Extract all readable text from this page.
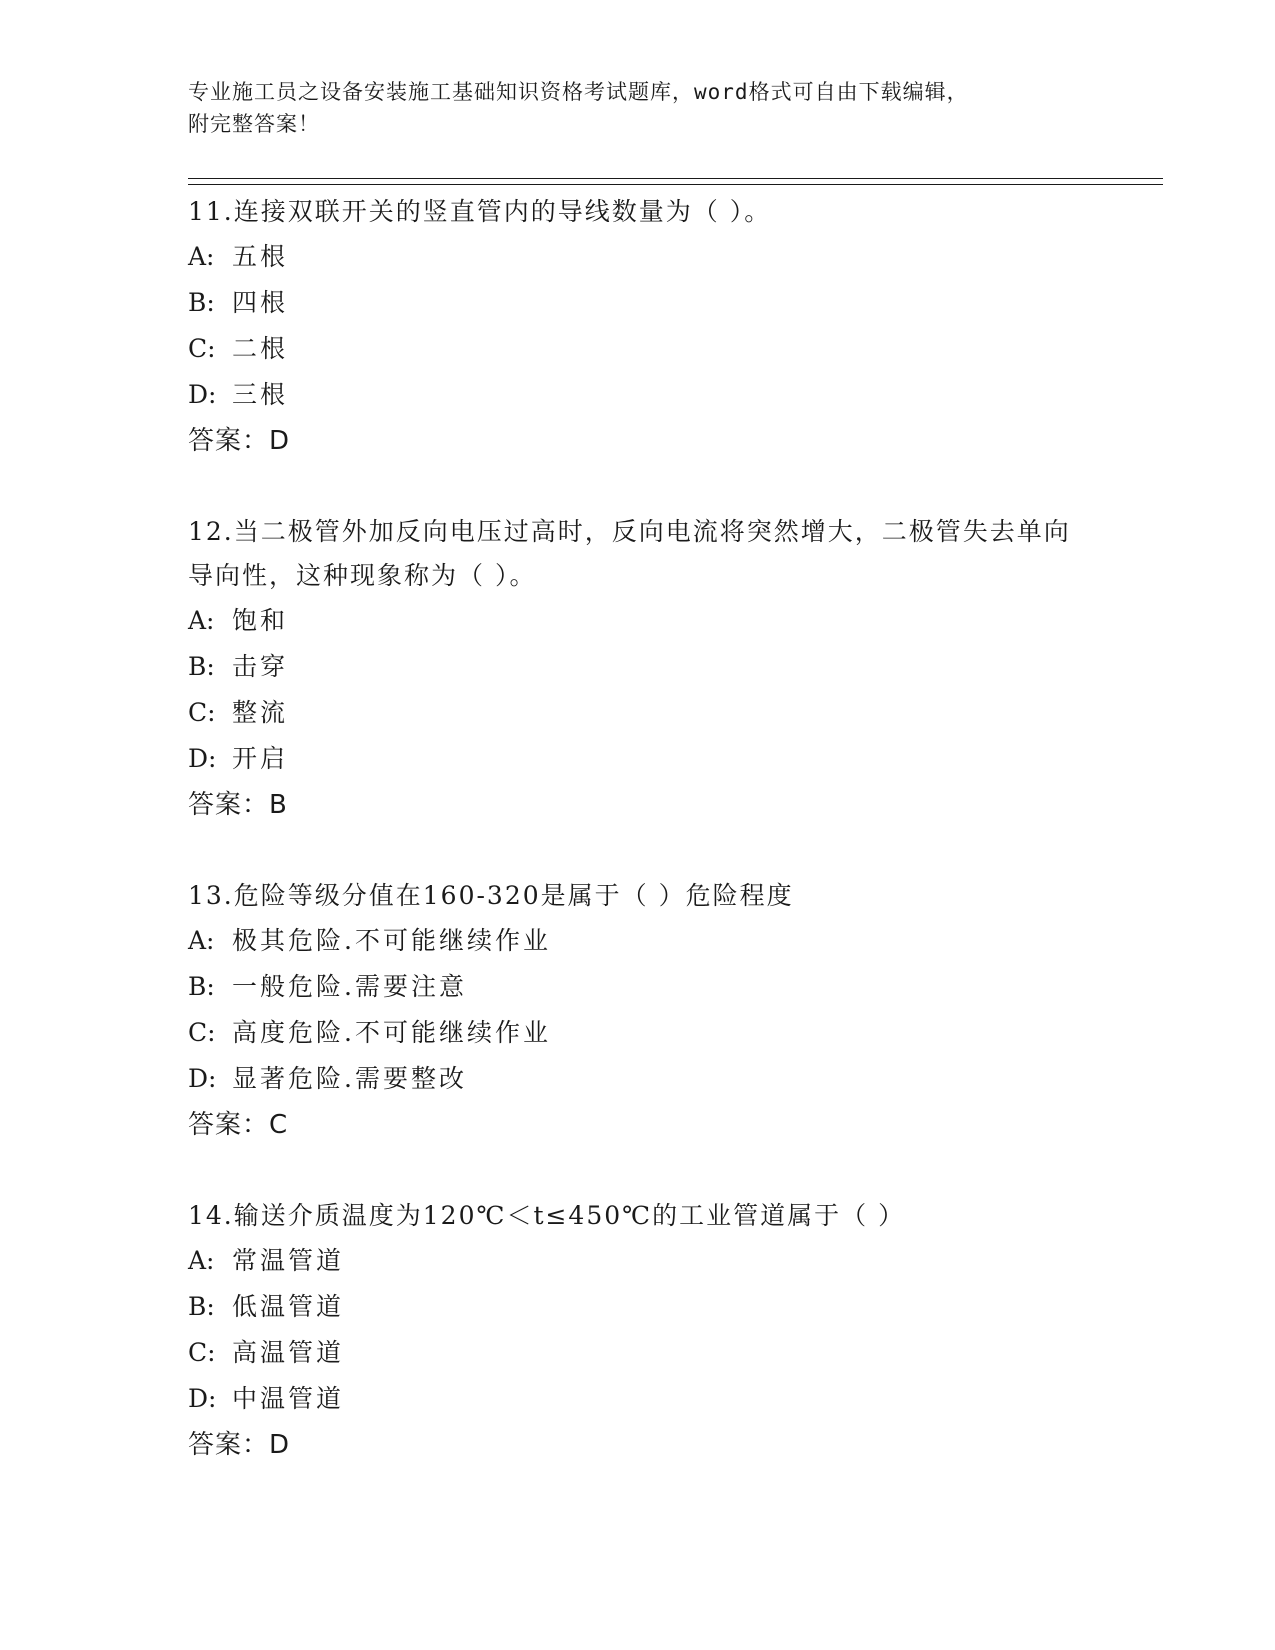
专业施工员之设备安装施工基础知识资格考试题库，word格式可自由下载编辑，
附完整答案！

11.连接双联开关的竖直管内的导线数量为（ ）。

A: 五根

B: 四根

C: 二根

D: 三根

答案：D

12.当二极管外加反向电压过高时，反向电流将突然增大，二极管失去单向导向性，这种现象称为（ ）。

A: 饱和

B: 击穿

C: 整流

D: 开启

答案：B

13.危险等级分值在160-320是属于（ ）危险程度

A: 极其危险.不可能继续作业

B: 一般危险.需要注意

C: 高度危险.不可能继续作业

D: 显著危险.需要整改

答案：C

14.输送介质温度为120℃＜t≤450℃的工业管道属于（ ）

A: 常温管道

B: 低温管道

C: 高温管道

D: 中温管道

答案：D
